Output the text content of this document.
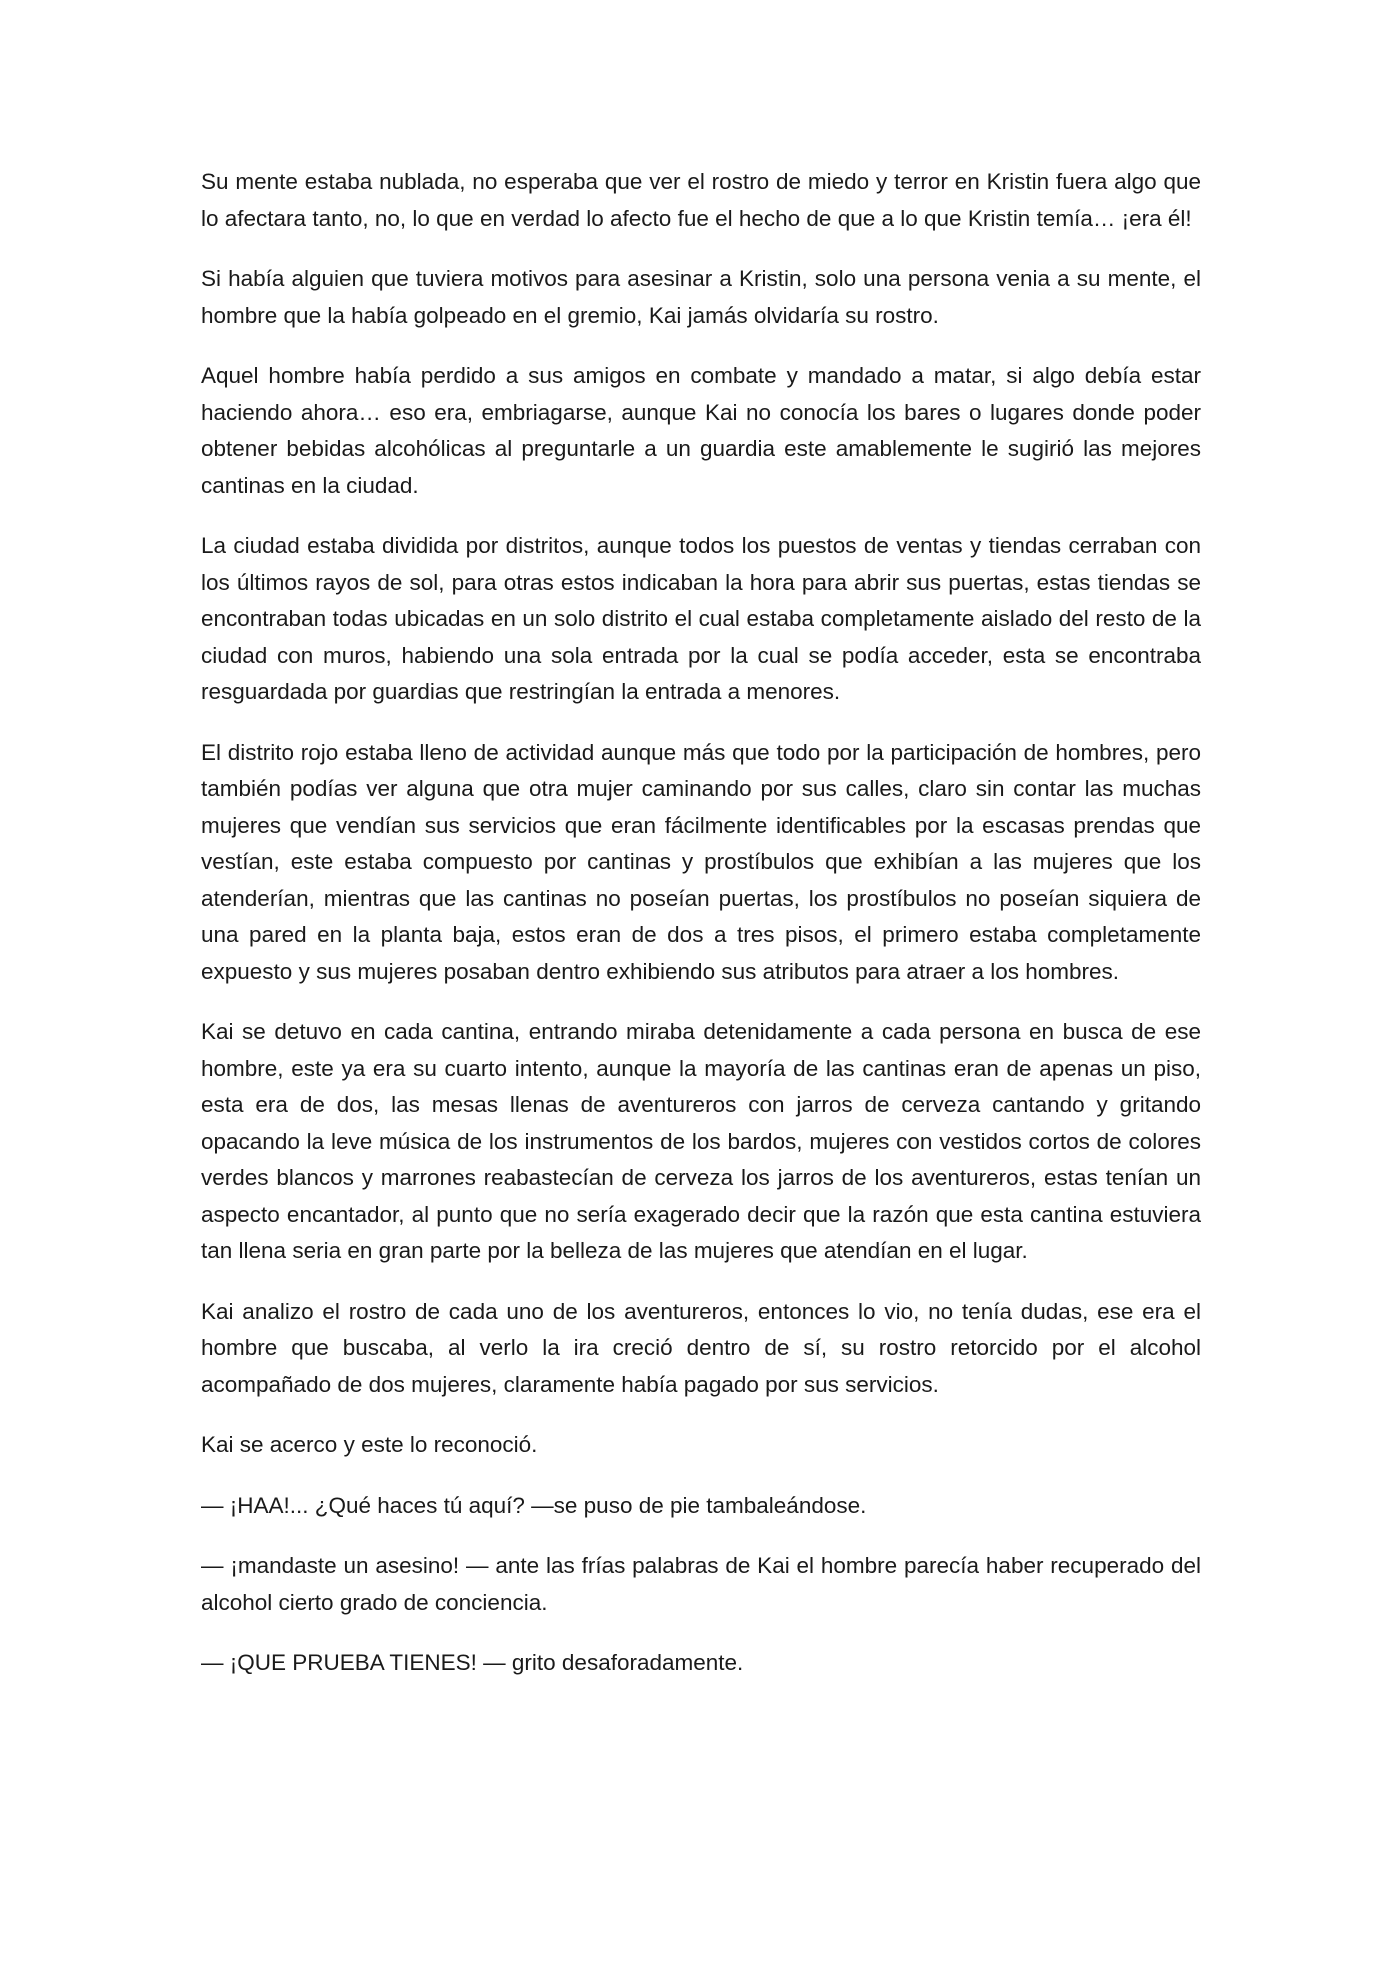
Su mente estaba nublada, no esperaba que ver el rostro de miedo y terror en Kristin fuera algo que lo afectara tanto, no, lo que en verdad lo afecto fue el hecho de que a lo que Kristin temía… ¡era él!

Si había alguien que tuviera motivos para asesinar a Kristin, solo una persona venia a su mente, el hombre que la había golpeado en el gremio, Kai jamás olvidaría su rostro.

Aquel hombre había perdido a sus amigos en combate y mandado a matar, si algo debía estar haciendo ahora… eso era, embriagarse, aunque Kai no conocía los bares o lugares donde poder obtener bebidas alcohólicas al preguntarle a un guardia este amablemente le sugirió las mejores cantinas en la ciudad.

La ciudad estaba dividida por distritos, aunque todos los puestos de ventas y tiendas cerraban con los últimos rayos de sol, para otras estos indicaban la hora para abrir sus puertas, estas tiendas se encontraban todas ubicadas en un solo distrito el cual estaba completamente aislado del resto de la ciudad con muros, habiendo una sola entrada por la cual se podía acceder, esta se encontraba resguardada por guardias que restringían la entrada a menores.

El distrito rojo estaba lleno de actividad aunque más que todo por la participación de hombres, pero también podías ver alguna que otra mujer caminando por sus calles, claro sin contar las muchas mujeres que vendían sus servicios que eran fácilmente identificables por la escasas prendas que vestían, este estaba compuesto por cantinas y prostíbulos que exhibían a las mujeres que los atenderían, mientras que las cantinas no poseían puertas, los prostíbulos no poseían siquiera de una pared en la planta baja, estos eran de dos a tres pisos, el primero estaba completamente expuesto y sus mujeres posaban dentro exhibiendo sus atributos para atraer a los hombres.

Kai se detuvo en cada cantina, entrando miraba detenidamente a cada persona en busca de ese hombre, este ya era su cuarto intento, aunque la mayoría de las cantinas eran de apenas un piso, esta era de dos, las mesas llenas de aventureros con jarros de cerveza cantando y gritando opacando la leve música de los instrumentos de los bardos, mujeres con vestidos cortos de colores verdes blancos y marrones reabastecían de cerveza los jarros de los aventureros, estas tenían un aspecto encantador, al punto que no sería exagerado decir que la razón que esta cantina estuviera tan llena seria en gran parte por la belleza de las mujeres que atendían en el lugar.

Kai analizo el rostro de cada uno de los aventureros, entonces lo vio, no tenía dudas, ese era el hombre que buscaba, al verlo la ira creció dentro de sí, su rostro retorcido por el alcohol acompañado de dos mujeres, claramente había pagado por sus servicios.

Kai se acerco y este lo reconoció.

— ¡HAA!... ¿Qué haces tú aquí? —se puso de pie tambaleándose.

— ¡mandaste un asesino! — ante las frías palabras de Kai el hombre parecía haber recuperado del alcohol cierto grado de conciencia.

— ¡QUE PRUEBA TIENES! — grito desaforadamente.
